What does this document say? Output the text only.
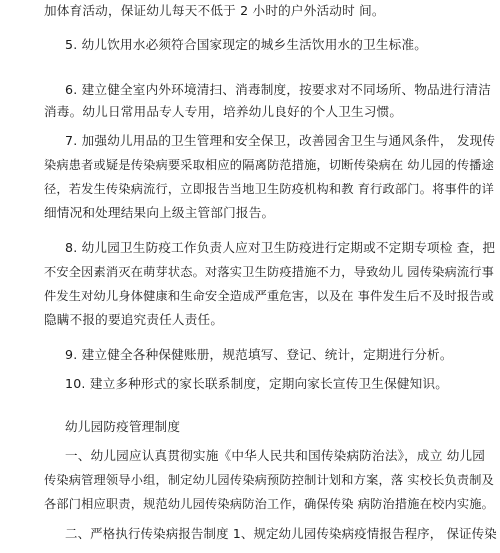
加体育活动，保证幼儿每天不低于 2 小时的户外活动时 间。
5. 幼儿饮用水必须符合国家现定的城乡生活饮用水的卫生标准。
6. 建立健全室内外环境清扫、消毒制度，按要求对不同场所、物品进行清洁
消毒。幼儿日常用品专人专用，培养幼儿良好的个人卫生习惯。
7. 加强幼儿用品的卫生管理和安全保卫，改善园舍卫生与通风条件， 发现传
染病患者或疑是传染病要采取相应的隔离防范措施，切断传染病在 幼儿园的传播途
径，若发生传染病流行，立即报告当地卫生防疫机构和教 育行政部门。将事件的详
细情况和处理结果向上级主管部门报告。
8. 幼儿园卫生防疫工作负责人应对卫生防疫进行定期或不定期专项检 查，把
不安全因素消灭在萌芽状态。对落实卫生防疫措施不力，导致幼儿 园传染病流行事
件发生对幼儿身体健康和生命安全造成严重危害，以及在 事件发生后不及时报告或
隐瞒不报的要追究责任人责任。
9. 建立健全各种保健账册，规范填写、登记、统计，定期进行分析。
10. 建立多种形式的家长联系制度，定期向家长宣传卫生保健知识。
幼儿园防疫管理制度
一、幼儿园应认真贯彻实施《中华人民共和国传染病防治法》，成立 幼儿园
传染病管理领导小组，制定幼儿园传染病预防控制计划和方案，落 实校长负责制及
各部门相应职责，规范幼儿园传染病防治工作，确保传染 病防治措施在校内实施。
二、严格执行传染病报告制度 1、规定幼儿园传染病疫情报告程序， 保证传染
